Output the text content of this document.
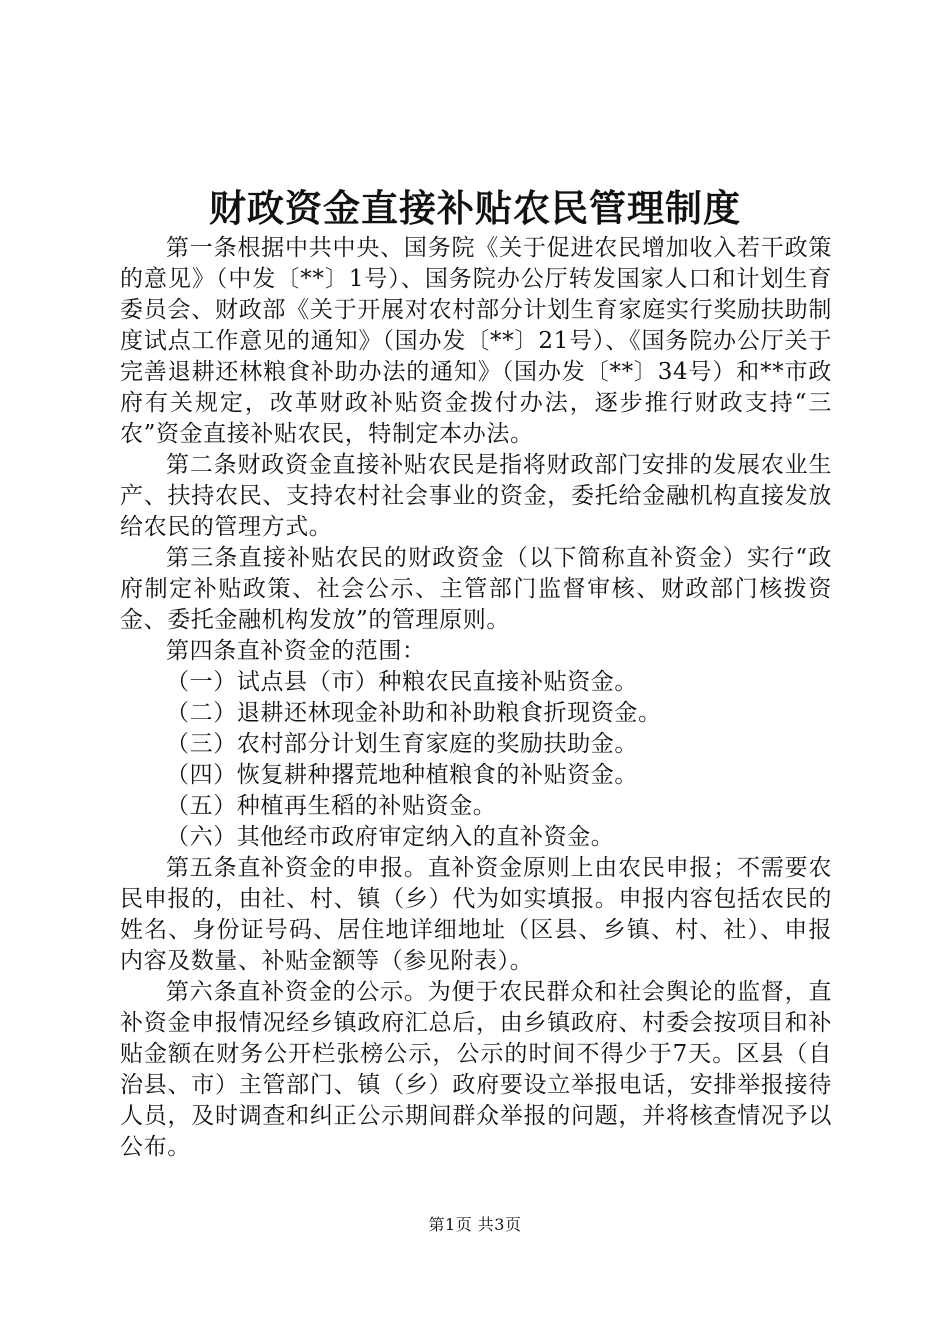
财政资金直接补贴农民管理制度

第一条根据中共中央、国务院《关于促进农民增加收入若干政策的意见》（中发〔**〕1号）、国务院办公厅转发国家人口和计划生育委员会、财政部《关于开展对农村部分计划生育家庭实行奖励扶助制度试点工作意见的通知》（国办发〔**〕21号）、《国务院办公厅关于完善退耕还林粮食补助办法的通知》（国办发〔**〕34号）和**市政府有关规定，改革财政补贴资金拨付办法，逐步推行财政支持“三农”资金直接补贴农民，特制定本办法。

第二条财政资金直接补贴农民是指将财政部门安排的发展农业生产、扶持农民、支持农村社会事业的资金，委托给金融机构直接发放给农民的管理方式。

第三条直接补贴农民的财政资金（以下简称直补资金）实行“政府制定补贴政策、社会公示、主管部门监督审核、财政部门核拨资金、委托金融机构发放”的管理原则。

第四条直补资金的范围：

（一）试点县（市）种粮农民直接补贴资金。

（二）退耕还林现金补助和补助粮食折现资金。

（三）农村部分计划生育家庭的奖励扶助金。

（四）恢复耕种撂荒地种植粮食的补贴资金。

（五）种植再生稻的补贴资金。

（六）其他经市政府审定纳入的直补资金。

第五条直补资金的申报。直补资金原则上由农民申报；不需要农民申报的，由社、村、镇（乡）代为如实填报。申报内容包括农民的姓名、身份证号码、居住地详细地址（区县、乡镇、村、社）、申报内容及数量、补贴金额等（参见附表）。

第六条直补资金的公示。为便于农民群众和社会舆论的监督，直补资金申报情况经乡镇政府汇总后，由乡镇政府、村委会按项目和补贴金额在财务公开栏张榜公示，公示的时间不得少于7天。区县（自治县、市）主管部门、镇（乡）政府要设立举报电话，安排举报接待人员，及时调查和纠正公示期间群众举报的问题，并将核查情况予以公布。

第1页 共3页
